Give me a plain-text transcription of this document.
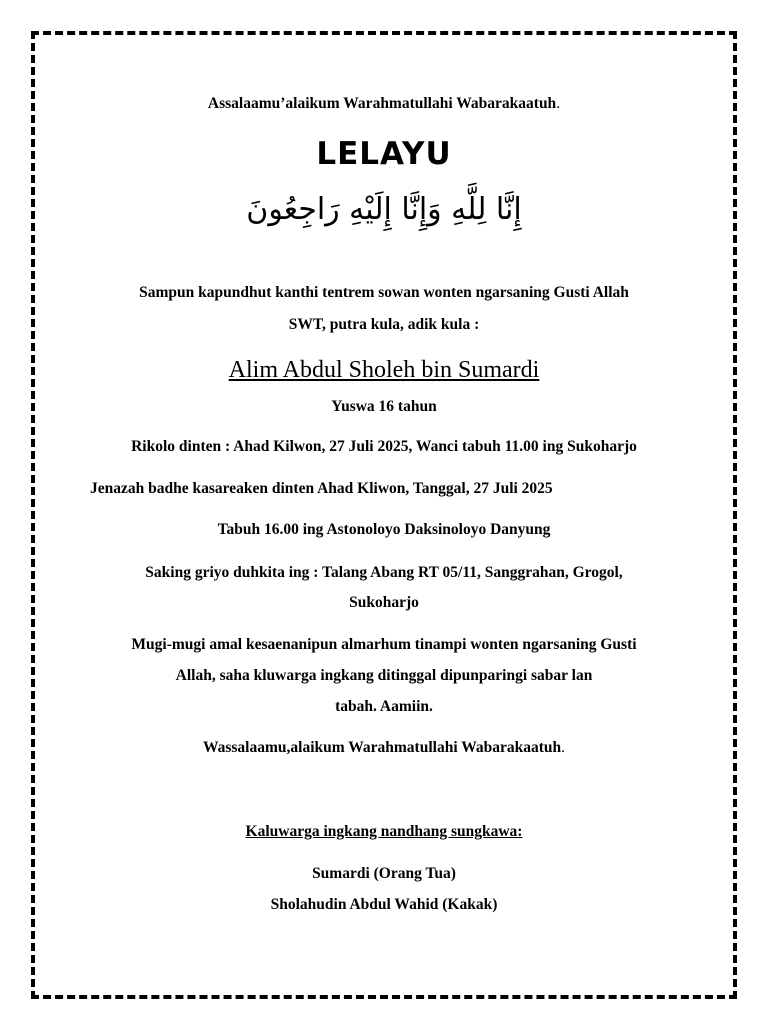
Assalaamu’alaikum Warahmatullahi Wabarakaatuh.
LELAYU
إِنَّا لِلَّهِ وَإِنَّا إِلَيْهِ رَاجِعُونَ
Sampun kapundhut kanthi tentrem sowan wonten ngarsaning Gusti Allah
SWT, putra kula, adik kula :
Alim Abdul Sholeh bin Sumardi
Yuswa 16 tahun
Rikolo dinten : Ahad Kilwon, 27 Juli 2025, Wanci tabuh 11.00 ing Sukoharjo
Jenazah badhe kasareaken dinten Ahad Kliwon, Tanggal, 27 Juli 2025
Tabuh 16.00 ing Astonoloyo Daksinoloyo Danyung
Saking griyo duhkita ing : Talang Abang RT 05/11, Sanggrahan, Grogol,
Sukoharjo
Mugi-mugi amal kesaenanipun almarhum tinampi wonten ngarsaning Gusti
Allah, saha kluwarga ingkang ditinggal dipunparingi sabar lan
tabah. Aamiin.
Wassalaamu,alaikum Warahmatullahi Wabarakaatuh.
Kaluwarga ingkang nandhang sungkawa:
Sumardi (Orang Tua)
Sholahudin Abdul Wahid (Kakak)
